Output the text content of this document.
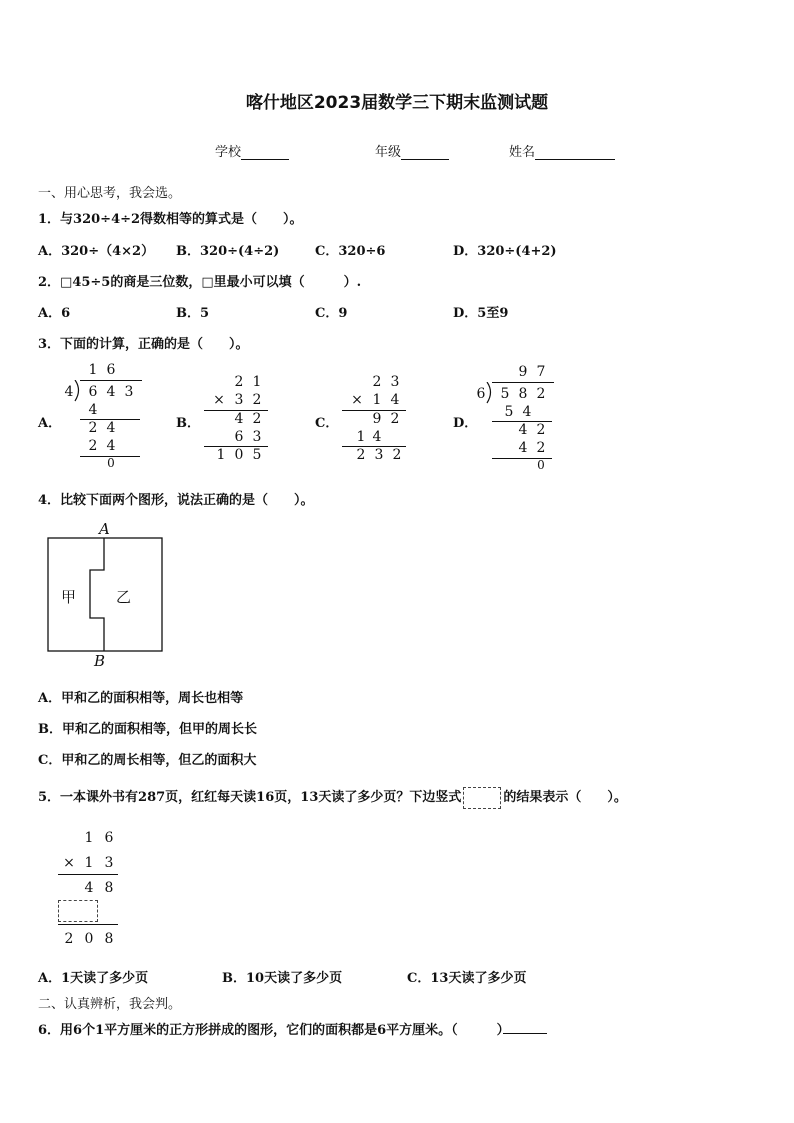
喀什地区2023届数学三下期末监测试题
学校	年级	姓名
一、用心思考，我会选。
1．与320÷4÷2得数相等的算式是（　　）。
A．320÷（4×2） B．320÷(4÷2)	C．320÷6	D．320÷(4+2)
2．□45÷5的商是三位数，□里最小可以填（　　　）.
A．6	B．5	C．9	D．5至9
3．下面的计算，正确的是（　　）。
A．	B．	C．	D．
1 6
4 6 4 3
4
2 4
2 4
0
2 1
× 3 2
4 2
6 3
1 0 5
2 3
× 1 4
9 2
1 4
2 3 2
9 7
6 5 8 2
5 4
4 2
4 2
0
4．比较下面两个图形，说法正确的是（　　）。
A
B
甲	乙
A．甲和乙的面积相等，周长也相等
B．甲和乙的面积相等，但甲的周长长
C．甲和乙的周长相等，但乙的面积大
5．一本课外书有287页，红红每天读16页，13天读了多少页？下边竖式	的结果表示（　　）。
1 6
× 1 3
4 8
2 0 8
A．1天读了多少页	B．10天读了多少页	C．13天读了多少页
二、认真辨析，我会判。
6．用6个1平方厘米的正方形拼成的图形，它们的面积都是6平方厘米。（　　　）
